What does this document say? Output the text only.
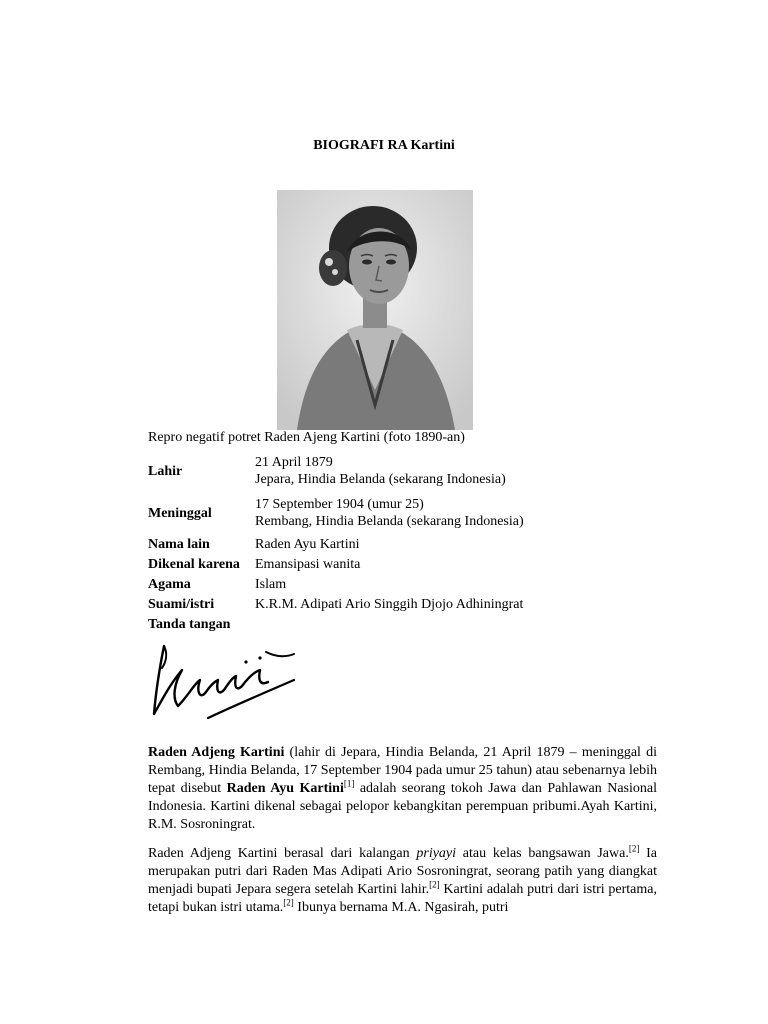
BIOGRAFI RA Kartini
Repro negatif potret Raden Ajeng Kartini (foto 1890-an)
Lahir	21 April 1879
Jepara, Hindia Belanda (sekarang Indonesia)

Meninggal	17 September 1904 (umur 25)
Rembang, Hindia Belanda (sekarang Indonesia)

Nama lain	Raden Ayu Kartini
Dikenal karena	Emansipasi wanita
Agama	Islam
Suami/istri	K.R.M. Adipati Ario Singgih Djojo Adhiningrat
Tanda tangan	

Raden Adjeng Kartini (lahir di Jepara, Hindia Belanda, 21 April 1879 – meninggal di Rembang, Hindia Belanda, 17 September 1904 pada umur 25 tahun) atau sebenarnya lebih tepat disebut Raden Ayu Kartini[1] adalah seorang tokoh Jawa dan Pahlawan Nasional Indonesia. Kartini dikenal sebagai pelopor kebangkitan perempuan pribumi.Ayah Kartini, R.M. Sosroningrat.

Raden Adjeng Kartini berasal dari kalangan priyayi atau kelas bangsawan Jawa.[2] Ia merupakan putri dari Raden Mas Adipati Ario Sosroningrat, seorang patih yang diangkat menjadi bupati Jepara segera setelah Kartini lahir.[2] Kartini adalah putri dari istri pertama, tetapi bukan istri utama.[2] Ibunya bernama M.A. Ngasirah, putri
